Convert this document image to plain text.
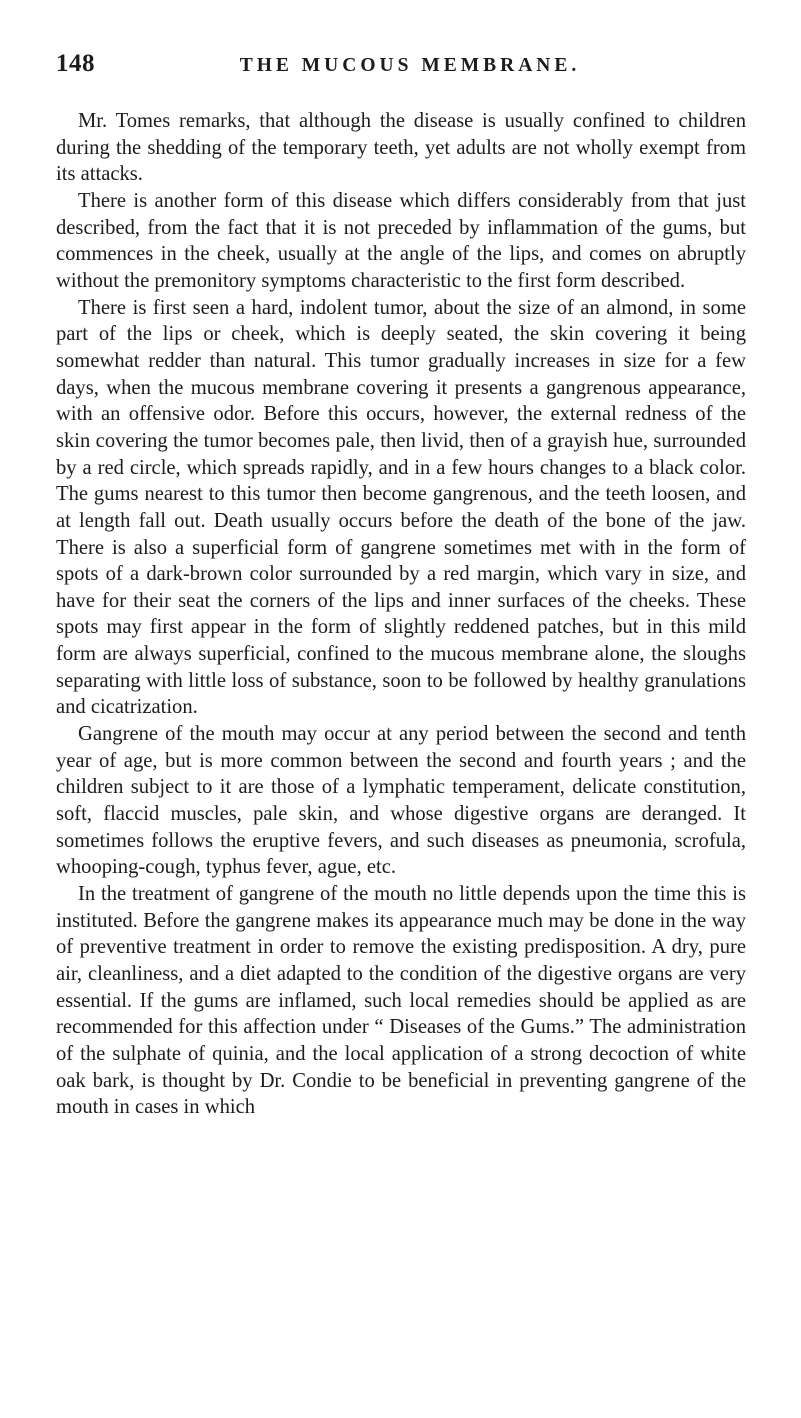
148	THE MUCOUS MEMBRANE.

Mr. Tomes remarks, that although the disease is usually confined to children during the shedding of the temporary teeth, yet adults are not wholly exempt from its attacks.

There is another form of this disease which differs considerably from that just described, from the fact that it is not preceded by inflammation of the gums, but commences in the cheek, usually at the angle of the lips, and comes on abruptly without the premonitory symptoms characteristic to the first form described.

There is first seen a hard, indolent tumor, about the size of an almond, in some part of the lips or cheek, which is deeply seated, the skin covering it being somewhat redder than natural. This tumor gradually increases in size for a few days, when the mucous membrane covering it presents a gangrenous appearance, with an offensive odor. Before this occurs, however, the external redness of the skin covering the tumor becomes pale, then livid, then of a grayish hue, surrounded by a red circle, which spreads rapidly, and in a few hours changes to a black color. The gums nearest to this tumor then become gangrenous, and the teeth loosen, and at length fall out. Death usually occurs before the death of the bone of the jaw. There is also a superficial form of gangrene sometimes met with in the form of spots of a dark-brown color surrounded by a red margin, which vary in size, and have for their seat the corners of the lips and inner surfaces of the cheeks. These spots may first appear in the form of slightly reddened patches, but in this mild form are always superficial, confined to the mucous membrane alone, the sloughs separating with little loss of substance, soon to be followed by healthy granulations and cicatrization.

Gangrene of the mouth may occur at any period between the second and tenth year of age, but is more common between the second and fourth years ; and the children subject to it are those of a lymphatic temperament, delicate constitution, soft, flaccid muscles, pale skin, and whose digestive organs are deranged. It sometimes follows the eruptive fevers, and such diseases as pneumonia, scrofula, whooping-cough, typhus fever, ague, etc.

In the treatment of gangrene of the mouth no little depends upon the time this is instituted. Before the gangrene makes its appearance much may be done in the way of preventive treatment in order to remove the existing predisposition. A dry, pure air, cleanliness, and a diet adapted to the condition of the digestive organs are very essential. If the gums are inflamed, such local remedies should be applied as are recommended for this affection under “ Diseases of the Gums.” The administration of the sulphate of quinia, and the local application of a strong decoction of white oak bark, is thought by Dr. Condie to be beneficial in preventing gangrene of the mouth in cases in which
